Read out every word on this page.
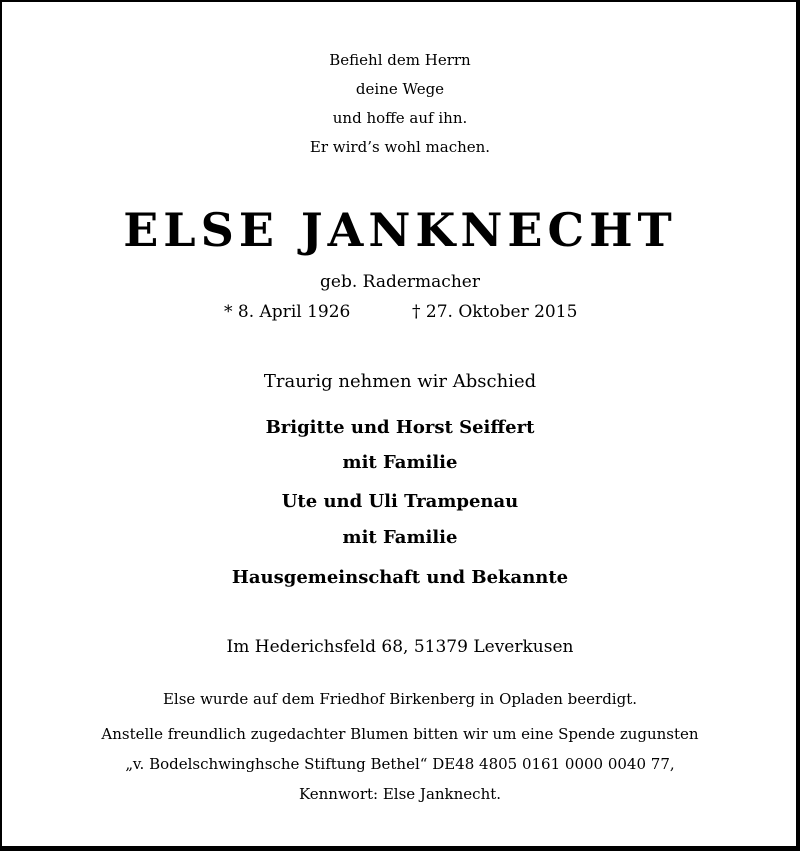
Befiehl dem Herrn
deine Wege
und hoffe auf ihn.
Er wird’s wohl machen.
ELSE JANKNECHT
geb. Radermacher
* 8. April 1926	† 27. Oktober 2015
Traurig nehmen wir Abschied
Brigitte und Horst Seiffert
mit Familie
Ute und Uli Trampenau
mit Familie
Hausgemeinschaft und Bekannte
Im Hederichsfeld 68, 51379 Leverkusen
Else wurde auf dem Friedhof Birkenberg in Opladen beerdigt.
Anstelle freundlich zugedachter Blumen bitten wir um eine Spende zugunsten
„v. Bodelschwinghsche Stiftung Bethel“ DE48 4805 0161 0000 0040 77,
Kennwort: Else Janknecht.
